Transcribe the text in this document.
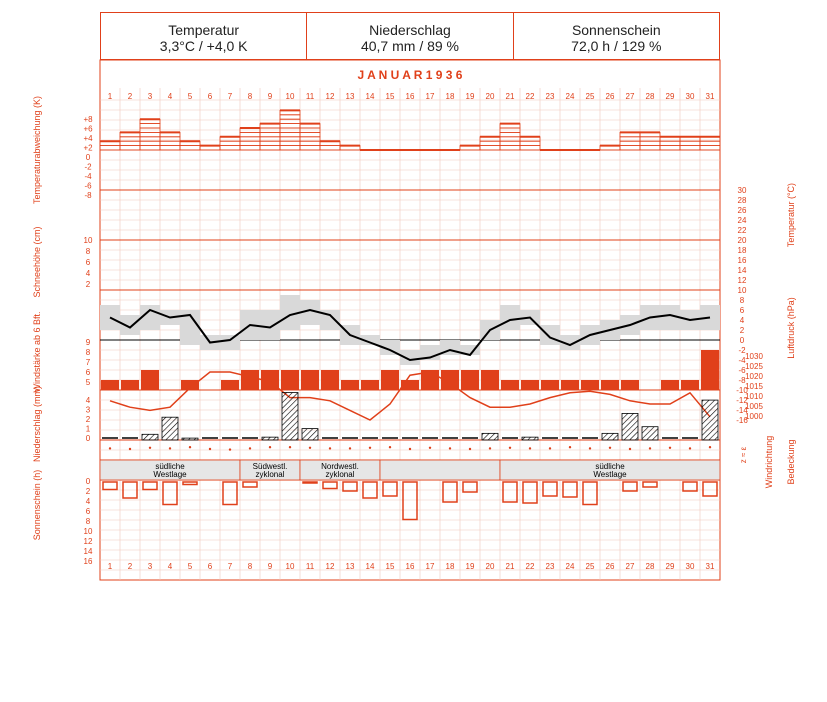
Temperatur
3,3°C / +4,0 K
Niederschlag
40,7 mm / 89 %
Sonnenschein
72,0 h / 129 %
J A N U A R 1 9 3 6
1
1
2
2
3
3
4
4
5
5
6
6
7
7
8
8
9
9
10
10
11
11
12
12
13
13
14
14
15
15
16
16
17
17
18
18
19
19
20
20
21
21
22
22
23
23
24
24
25
25
26
26
27
27
28
28
29
29
30
30
31
31
+8
+6
+4
+2
0
-2
-4
-6
-8
10
8
6
4
2
9
8
7
6
5
4
3
2
1
0
0
2
4
6
8
10
12
14
16
30
28
26
24
22
20
18
16
14
12
10
8
6
4
2
0
-2
-4
-6
-8
-10
-12
-14
-16
1030
1025
1020
1015
1010
1005
1000
südliche
Westlage
Südwestl.
zyklonal
Nordwestl.
zyklonal
südliche
Westlage
Temperaturabweichung (K)
Schneehöhe (cm)
Windstärke ab 6 Bft.
Niederschlag (mm)
Sonnenschein (h)
Temperatur (°C)
Luftdruck (hPa)
Windrichtung Bedeckung
z ≈ ε
